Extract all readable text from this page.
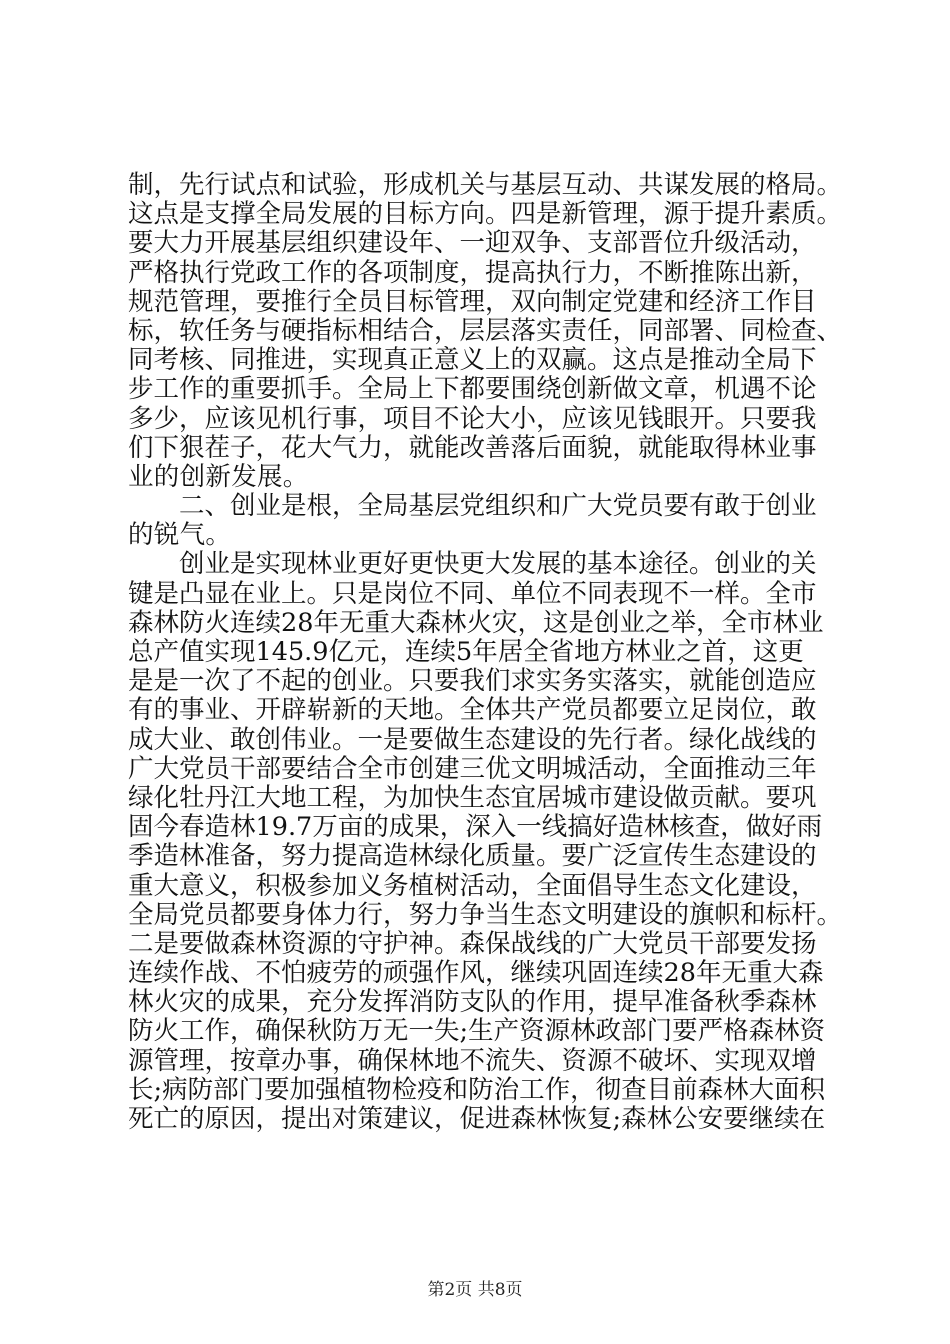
制，先行试点和试验，形成机关与基层互动、共谋发展的格局。
这点是支撑全局发展的目标方向。四是新管理，源于提升素质。
要大力开展基层组织建设年、一迎双争、支部晋位升级活动，
严格执行党政工作的各项制度，提高执行力，不断推陈出新，
规范管理，要推行全员目标管理，双向制定党建和经济工作目
标，软任务与硬指标相结合，层层落实责任，同部署、同检查、
同考核、同推进，实现真正意义上的双赢。这点是推动全局下
步工作的重要抓手。全局上下都要围绕创新做文章，机遇不论
多少，应该见机行事，项目不论大小，应该见钱眼开。只要我
们下狠茬子，花大气力，就能改善落后面貌，就能取得林业事
业的创新发展。
　　二、创业是根，全局基层党组织和广大党员要有敢于创业
的锐气。
　　创业是实现林业更好更快更大发展的基本途径。创业的关
键是凸显在业上。只是岗位不同、单位不同表现不一样。全市
森林防火连续28年无重大森林火灾，这是创业之举，全市林业
总产值实现145.9亿元，连续5年居全省地方林业之首，这更
是是一次了不起的创业。只要我们求实务实落实，就能创造应
有的事业、开辟崭新的天地。全体共产党员都要立足岗位，敢
成大业、敢创伟业。一是要做生态建设的先行者。绿化战线的
广大党员干部要结合全市创建三优文明城活动，全面推动三年
绿化牡丹江大地工程，为加快生态宜居城市建设做贡献。要巩
固今春造林19.7万亩的成果，深入一线搞好造林核查，做好雨
季造林准备，努力提高造林绿化质量。要广泛宣传生态建设的
重大意义，积极参加义务植树活动，全面倡导生态文化建设，
全局党员都要身体力行，努力争当生态文明建设的旗帜和标杆。
二是要做森林资源的守护神。森保战线的广大党员干部要发扬
连续作战、不怕疲劳的顽强作风，继续巩固连续28年无重大森
林火灾的成果，充分发挥消防支队的作用，提早准备秋季森林
防火工作，确保秋防万无一失;生产资源林政部门要严格森林资
源管理，按章办事，确保林地不流失、资源不破坏、实现双增
长;病防部门要加强植物检疫和防治工作，彻查目前森林大面积
死亡的原因，提出对策建议，促进森林恢复;森林公安要继续在
第2页 共8页
